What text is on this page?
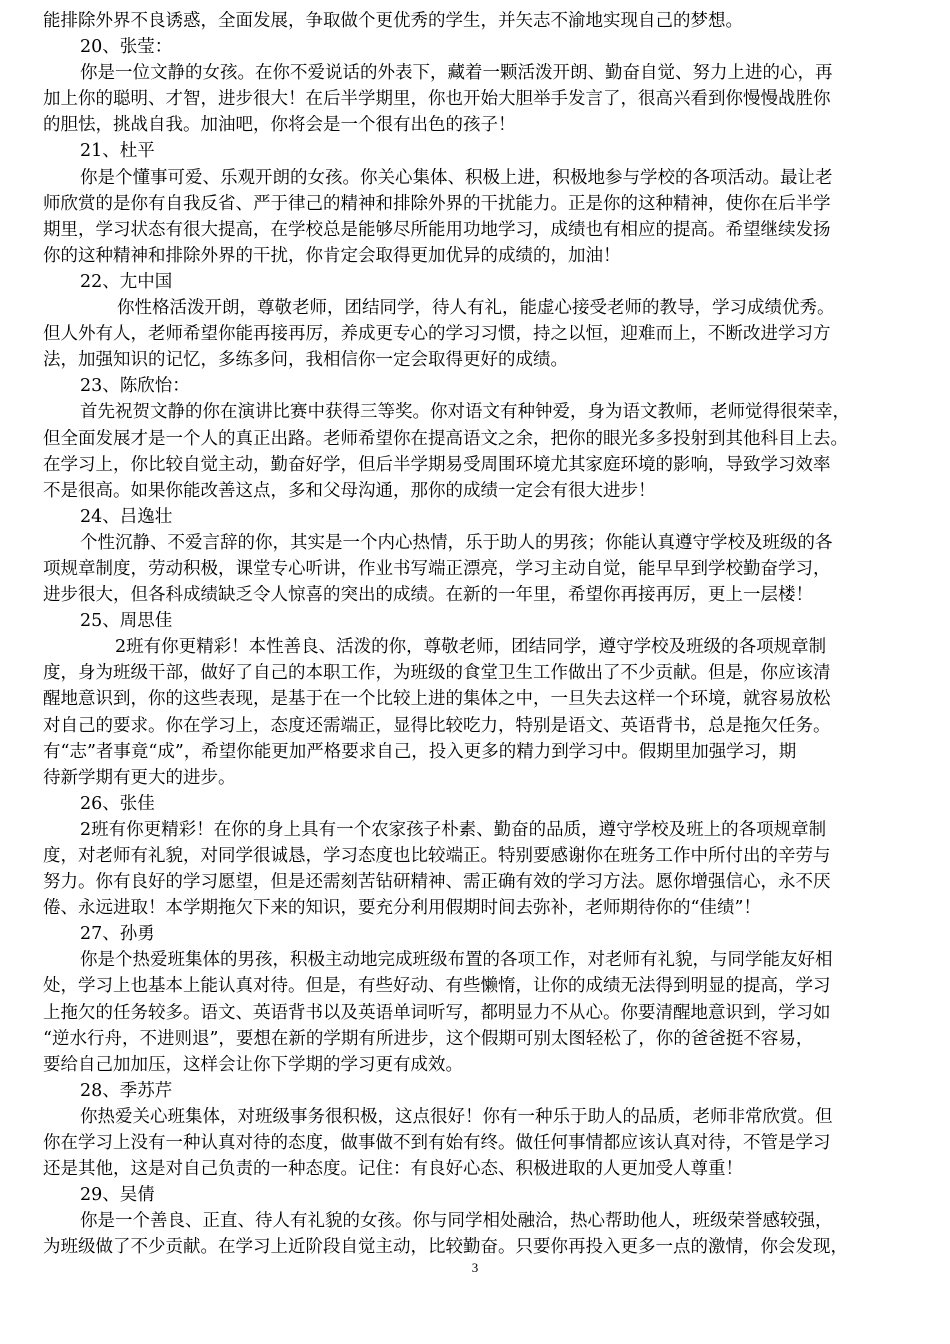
能排除外界不良诱惑，全面发展，争取做个更优秀的学生，并矢志不渝地实现自己的梦想。
20、张莹：
你是一位文静的女孩。在你不爱说话的外表下，藏着一颗活泼开朗、勤奋自觉、努力上进的心，再
加上你的聪明、才智，进步很大！在后半学期里，你也开始大胆举手发言了，很高兴看到你慢慢战胜你
的胆怯，挑战自我。加油吧，你将会是一个很有出色的孩子！
21、杜平
你是个懂事可爱、乐观开朗的女孩。你关心集体、积极上进，积极地参与学校的各项活动。最让老
师欣赏的是你有自我反省、严于律己的精神和排除外界的干扰能力。正是你的这种精神，使你在后半学
期里，学习状态有很大提高，在学校总是能够尽所能用功地学习，成绩也有相应的提高。希望继续发扬
你的这种精神和排除外界的干扰，你肯定会取得更加优异的成绩的，加油！
22、尢中国
你性格活泼开朗，尊敬老师，团结同学，待人有礼，能虚心接受老师的教导，学习成绩优秀。
但人外有人，老师希望你能再接再厉，养成更专心的学习习惯，持之以恒，迎难而上，不断改进学习方
法，加强知识的记忆，多练多问，我相信你一定会取得更好的成绩。
23、陈欣怡：
首先祝贺文静的你在演讲比赛中获得三等奖。你对语文有种钟爱，身为语文教师，老师觉得很荣幸，
但全面发展才是一个人的真正出路。老师希望你在提高语文之余，把你的眼光多多投射到其他科目上去。
在学习上，你比较自觉主动，勤奋好学，但后半学期易受周围环境尤其家庭环境的影响，导致学习效率
不是很高。如果你能改善这点，多和父母沟通，那你的成绩一定会有很大进步！
24、吕逸壮
个性沉静、不爱言辞的你，其实是一个内心热情，乐于助人的男孩；你能认真遵守学校及班级的各
项规章制度，劳动积极，课堂专心听讲，作业书写端正漂亮，学习主动自觉，能早早到学校勤奋学习，
进步很大，但各科成绩缺乏令人惊喜的突出的成绩。在新的一年里，希望你再接再厉，更上一层楼！
25、周思佳
2班有你更精彩！本性善良、活泼的你，尊敬老师，团结同学，遵守学校及班级的各项规章制
度，身为班级干部，做好了自己的本职工作，为班级的食堂卫生工作做出了不少贡献。但是，你应该清
醒地意识到，你的这些表现，是基于在一个比较上进的集体之中，一旦失去这样一个环境，就容易放松
对自己的要求。你在学习上，态度还需端正，显得比较吃力，特别是语文、英语背书，总是拖欠任务。
有“志”者事竟“成”，希望你能更加严格要求自己，投入更多的精力到学习中。假期里加强学习，期
待新学期有更大的进步。
26、张佳
2班有你更精彩！在你的身上具有一个农家孩子朴素、勤奋的品质，遵守学校及班上的各项规章制
度，对老师有礼貌，对同学很诚恳，学习态度也比较端正。特别要感谢你在班务工作中所付出的辛劳与
努力。你有良好的学习愿望，但是还需刻苦钻研精神、需正确有效的学习方法。愿你增强信心，永不厌
倦、永远进取！本学期拖欠下来的知识，要充分利用假期时间去弥补，老师期待你的“佳绩”！
27、孙勇
你是个热爱班集体的男孩，积极主动地完成班级布置的各项工作，对老师有礼貌，与同学能友好相
处，学习上也基本上能认真对待。但是，有些好动、有些懒惰，让你的成绩无法得到明显的提高，学习
上拖欠的任务较多。语文、英语背书以及英语单词听写，都明显力不从心。你要清醒地意识到，学习如
“逆水行舟，不进则退”，要想在新的学期有所进步，这个假期可别太图轻松了，你的爸爸挺不容易，
要给自己加加压，这样会让你下学期的学习更有成效。
28、季苏芹
你热爱关心班集体，对班级事务很积极，这点很好！你有一种乐于助人的品质，老师非常欣赏。但
你在学习上没有一种认真对待的态度，做事做不到有始有终。做任何事情都应该认真对待，不管是学习
还是其他，这是对自己负责的一种态度。记住：有良好心态、积极进取的人更加受人尊重！
29、吴倩
你是一个善良、正直、待人有礼貌的女孩。你与同学相处融洽，热心帮助他人，班级荣誉感较强，
为班级做了不少贡献。在学习上近阶段自觉主动，比较勤奋。只要你再投入更多一点的激情，你会发现，
3
